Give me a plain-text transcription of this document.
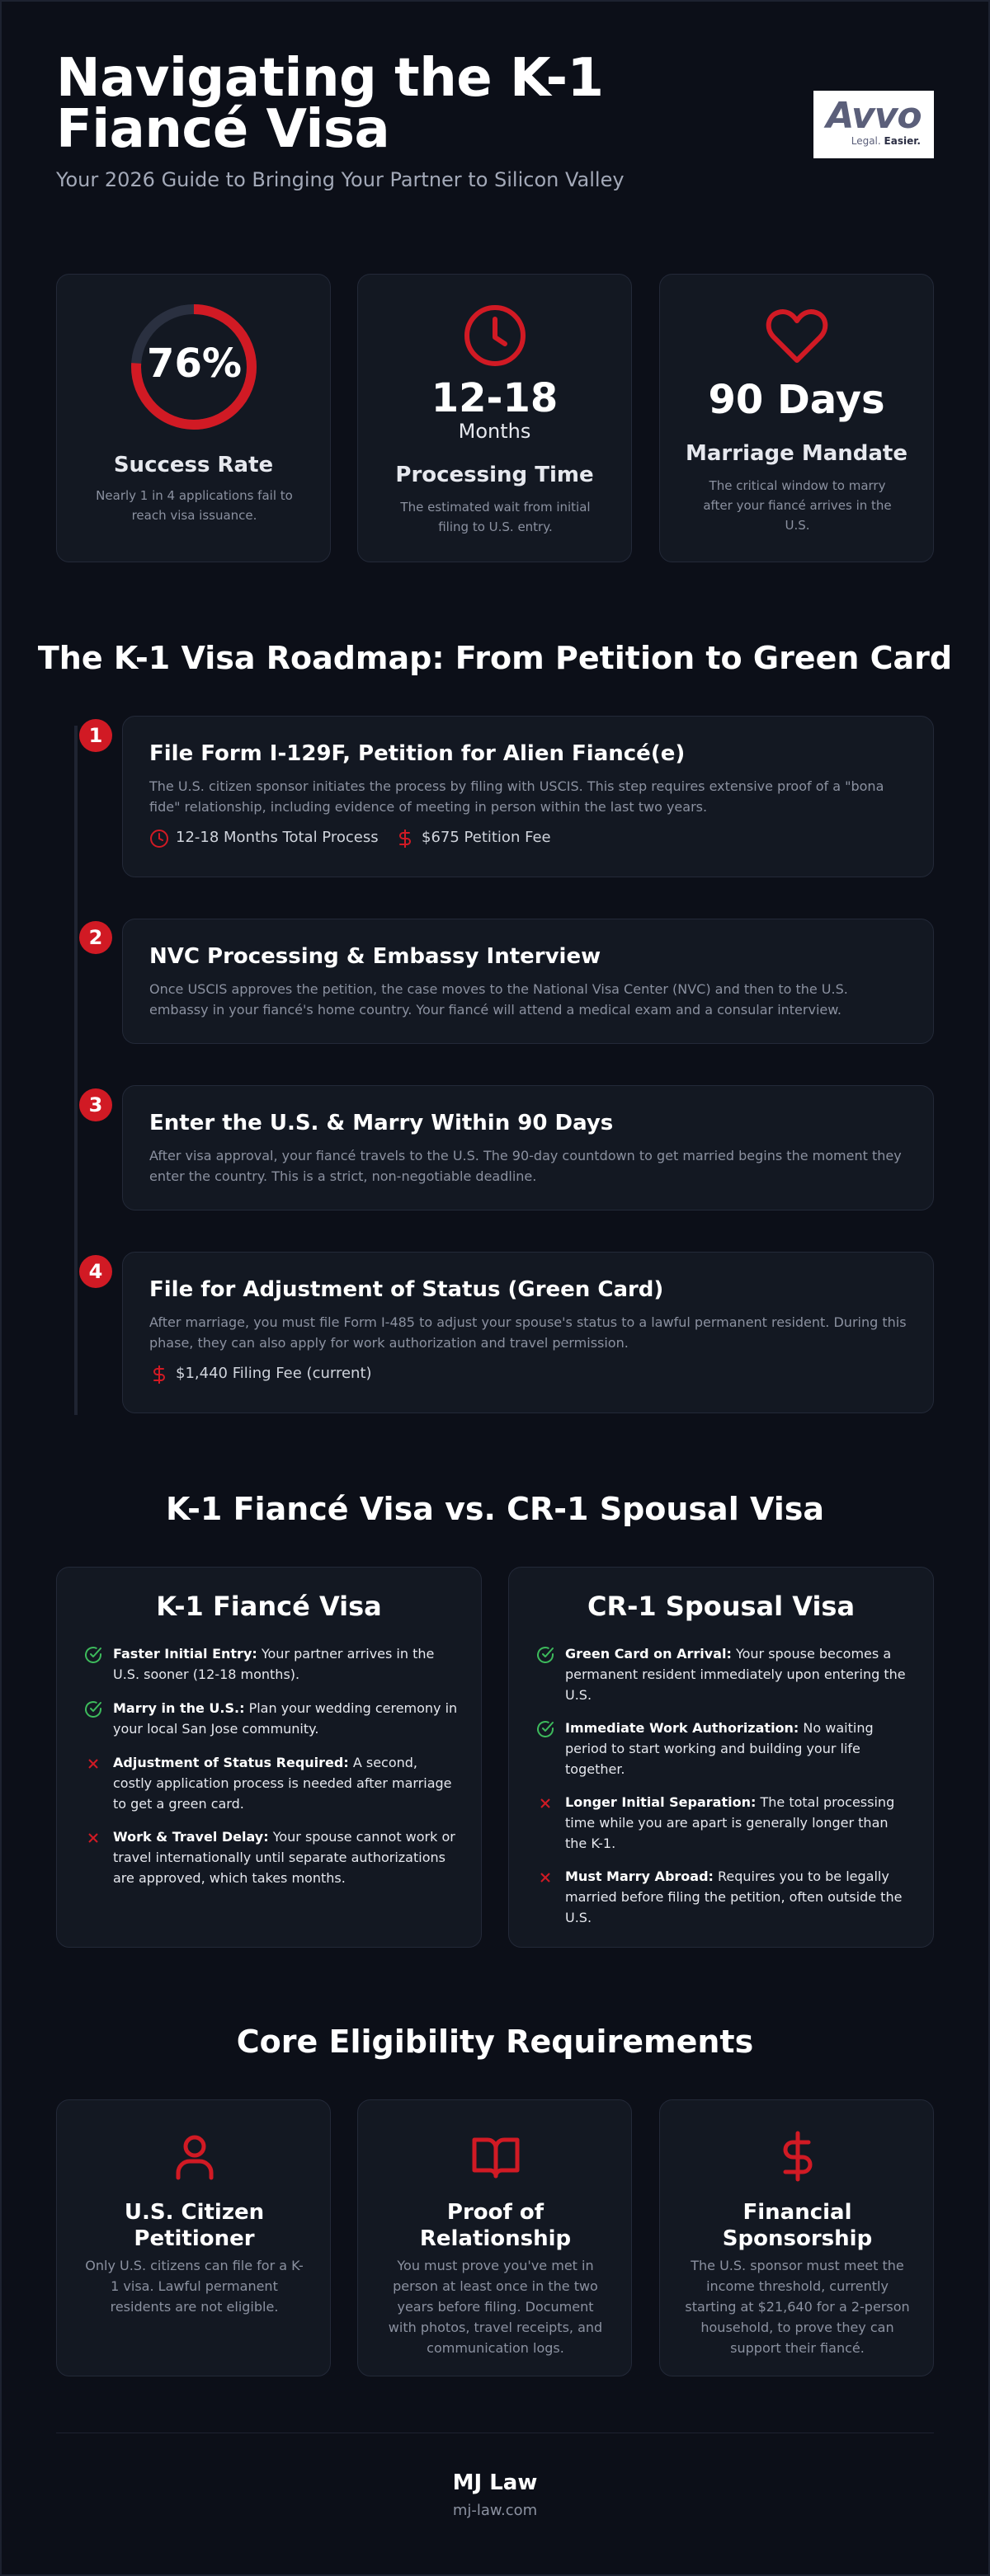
Navigating the K-1 Fiancé Visa
Your 2026 Guide to Bringing Your Partner to Silicon Valley
Avvo
Legal. Easier.
76%
Success Rate
Nearly 1 in 4 applications fail to reach visa issuance.
12-18
Months
Processing Time
The estimated wait from initial filing to U.S. entry.
90 Days
Marriage Mandate
The critical window to marry after your fiancé arrives in the U.S.
The K-1 Visa Roadmap: From Petition to Green Card
1
File Form I-129F, Petition for Alien Fiancé(e)
The U.S. citizen sponsor initiates the process by filing with USCIS. This step requires extensive proof of a "bona fide" relationship, including evidence of meeting in person within the last two years.
12-18 Months Total Process	$675 Petition Fee
2
NVC Processing & Embassy Interview
Once USCIS approves the petition, the case moves to the National Visa Center (NVC) and then to the U.S. embassy in your fiancé's home country. Your fiancé will attend a medical exam and a consular interview.
3
Enter the U.S. & Marry Within 90 Days
After visa approval, your fiancé travels to the U.S. The 90-day countdown to get married begins the moment they enter the country. This is a strict, non-negotiable deadline.
4
File for Adjustment of Status (Green Card)
After marriage, you must file Form I-485 to adjust your spouse's status to a lawful permanent resident. During this phase, they can also apply for work authorization and travel permission.
$1,440 Filing Fee (current)
K-1 Fiancé Visa vs. CR-1 Spousal Visa
K-1 Fiancé Visa

Faster Initial Entry: Your partner arrives in the U.S. sooner (12-18 months).

Marry in the U.S.: Plan your wedding ceremony in your local San Jose community.

Adjustment of Status Required: A second, costly application process is needed after marriage to get a green card.

Work & Travel Delay: Your spouse cannot work or travel internationally until separate authorizations are approved, which takes months.

CR-1 Spousal Visa

Green Card on Arrival: Your spouse becomes a permanent resident immediately upon entering the U.S.

Immediate Work Authorization: No waiting period to start working and building your life together.

Longer Initial Separation: The total processing time while you are apart is generally longer than the K-1.

Must Marry Abroad: Requires you to be legally married before filing the petition, often outside the U.S.

Core Eligibility Requirements
U.S. Citizen Petitioner
Only U.S. citizens can file for a K-1 visa. Lawful permanent residents are not eligible.
Proof of Relationship
You must prove you've met in person at least once in the two years before filing. Document with photos, travel receipts, and communication logs.
Financial Sponsorship
The U.S. sponsor must meet the income threshold, currently starting at $21,640 for a 2-person household, to prove they can support their fiancé.
MJ Law
mj-law.com
